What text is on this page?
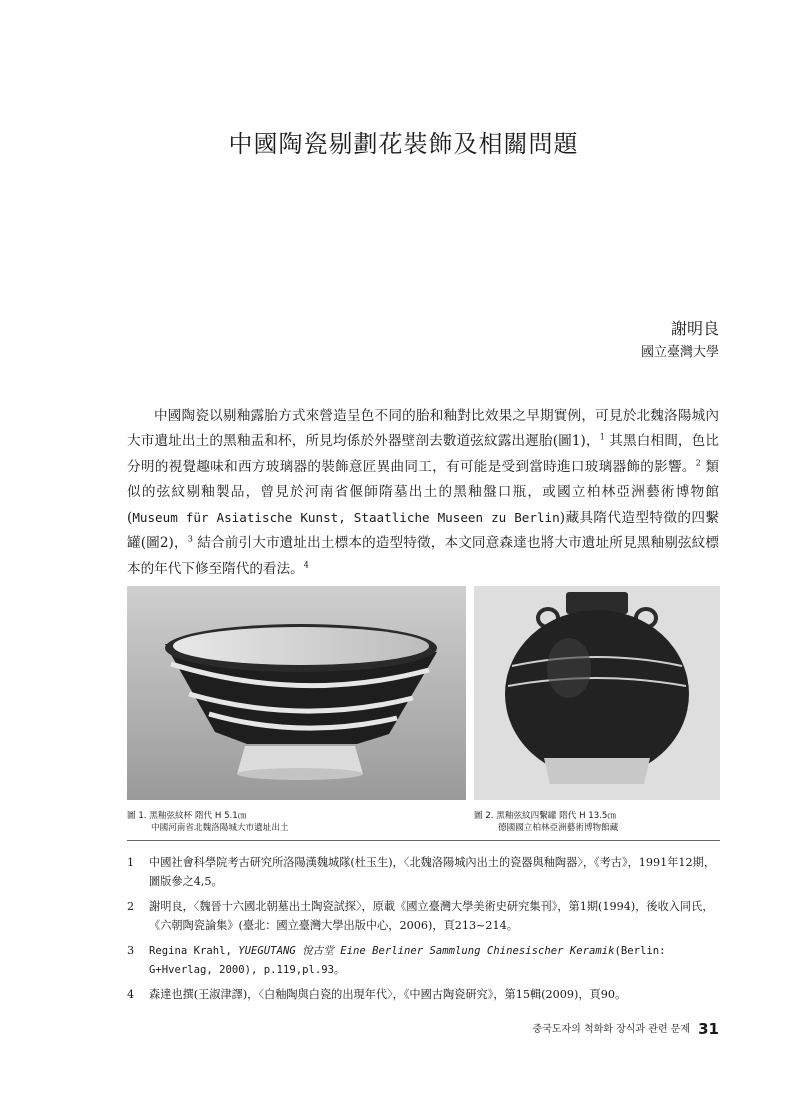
中國陶瓷剔劃花裝飾及相關問題
謝明良
國立臺灣大學

中國陶瓷以剔釉露胎方式來營造呈色不同的胎和釉對比效果之早期實例，可見於北魏洛陽城內大市遺址出土的黑釉盂和杯，所見均係於外器壁剖去數道弦紋露出遲胎(圖1)，$^1$ 其黑白相間，色比分明的視覺趣味和西方玻璃器的裝飾意匠異曲同工，有可能是受到當時進口玻璃器飾的影響。$^2$ 類似的弦紋剔釉製品，曾見於河南省偃師隋墓出土的黑釉盤口瓶，或國立柏林亞洲藝術博物館(Museum für Asiatische Kunst, Staatliche Museen zu Berlin)藏具隋代造型特徵的四繫罐(圖2)，$^3$ 結合前引大市遺址出土標本的造型特徵，本文同意森達也將大市遺址所見黑釉剔弦紋標本的年代下修至隋代的看法。$^4$

圖 1. 黑釉弦紋杯 隋代 H 5.1㎝
中國河南省北魏洛陽城大市遺址出土
圖 2. 黑釉弦紋四繫罐 隋代 H 13.5㎝
德國國立柏林亞洲藝術博物館藏
1	中國社會科學院考古研究所洛陽漢魏城隊(杜玉生)，〈北魏洛陽城內出土的瓷器與釉陶器〉，《考古》，1991年12期，圖版參之4,5。
2	謝明良，〈魏晉十六國北朝墓出土陶瓷試探〉，原載《國立臺灣大學美術史研究集刊》，第1期(1994)，後收入同氏，《六朝陶瓷論集》(臺北：國立臺灣大學出版中心，2006)，頁213~214。
3	Regina Krahl, YUEGUTANG 悅古堂 Eine Berliner Sammlung Chinesischer Keramik(Berlin: G+Hverlag, 2000), p.119,pl.93。
4	森達也撰(王淑津譯)，〈白釉陶與白瓷的出現年代〉，《中國古陶瓷研究》，第15輯(2009)，頁90。
중국도자의 척화화 장식과 관련 문제 31
